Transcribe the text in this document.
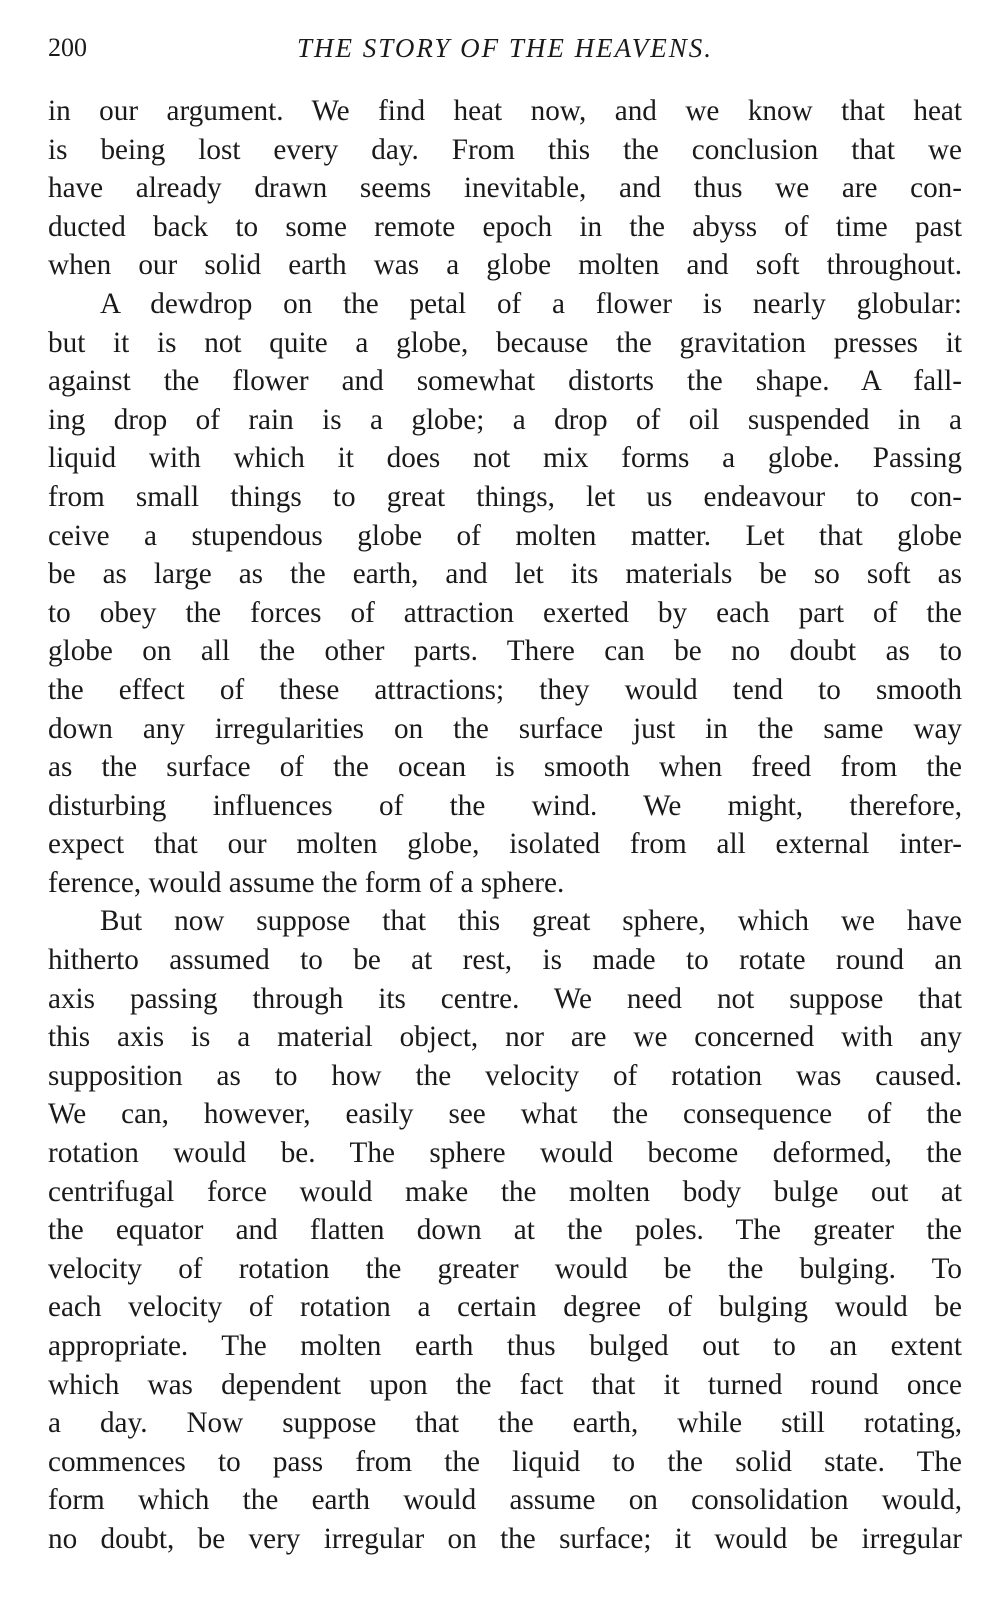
200	THE STORY OF THE HEAVENS.

in our argument. We find heat now, and we know that heat
is being lost every day. From this the conclusion that we
have already drawn seems inevitable, and thus we are con-
ducted back to some remote epoch in the abyss of time past
when our solid earth was a globe molten and soft throughout.

A dewdrop on the petal of a flower is nearly globular:
but it is not quite a globe, because the gravitation presses it
against the flower and somewhat distorts the shape. A fall-
ing drop of rain is a globe; a drop of oil suspended in a
liquid with which it does not mix forms a globe. Passing
from small things to great things, let us endeavour to con-
ceive a stupendous globe of molten matter. Let that globe
be as large as the earth, and let its materials be so soft as
to obey the forces of attraction exerted by each part of the
globe on all the other parts. There can be no doubt as to
the effect of these attractions; they would tend to smooth
down any irregularities on the surface just in the same way
as the surface of the ocean is smooth when freed from the
disturbing influences of the wind. We might, therefore,
expect that our molten globe, isolated from all external inter-
ference, would assume the form of a sphere.

But now suppose that this great sphere, which we have
hitherto assumed to be at rest, is made to rotate round an
axis passing through its centre. We need not suppose that
this axis is a material object, nor are we concerned with any
supposition as to how the velocity of rotation was caused.
We can, however, easily see what the consequence of the
rotation would be. The sphere would become deformed, the
centrifugal force would make the molten body bulge out at
the equator and flatten down at the poles. The greater the
velocity of rotation the greater would be the bulging. To
each velocity of rotation a certain degree of bulging would be
appropriate. The molten earth thus bulged out to an extent
which was dependent upon the fact that it turned round once
a day. Now suppose that the earth, while still rotating,
commences to pass from the liquid to the solid state. The
form which the earth would assume on consolidation would,
no doubt, be very irregular on the surface; it would be irregular
